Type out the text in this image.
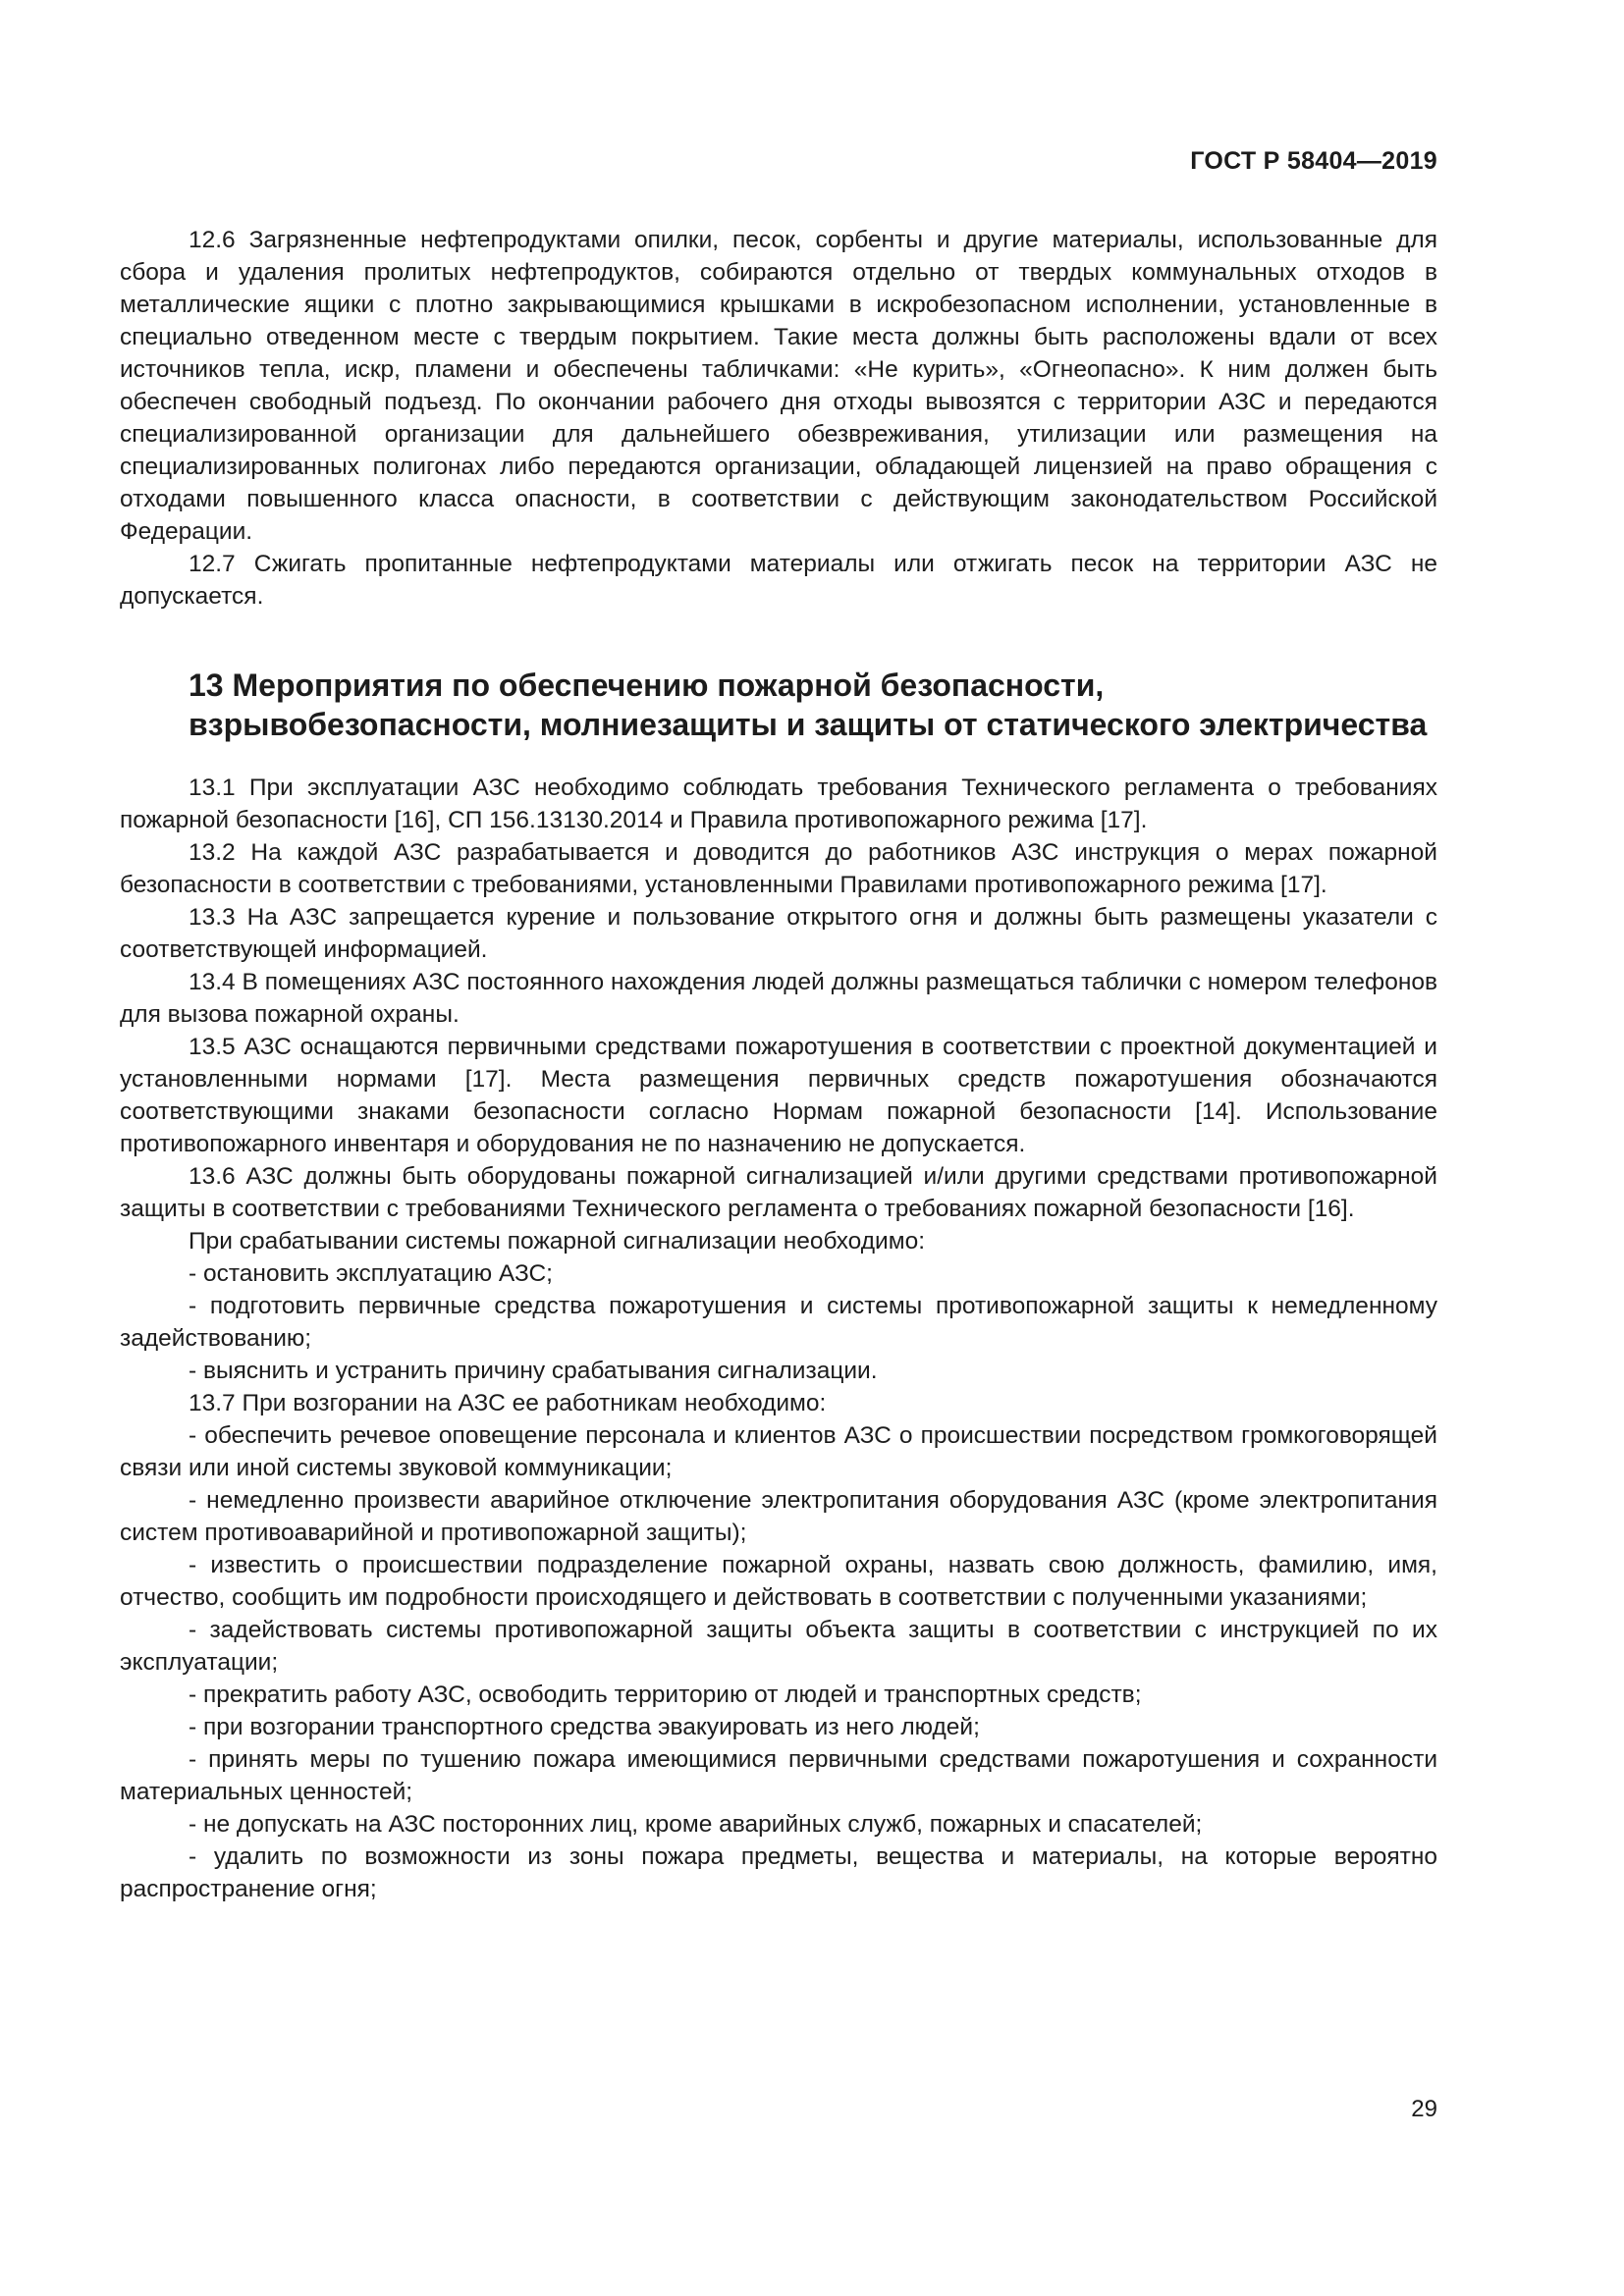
ГОСТ Р 58404—2019

12.6 Загрязненные нефтепродуктами опилки, песок, сорбенты и другие материалы, использованные для сбора и удаления пролитых нефтепродуктов, собираются отдельно от твердых коммунальных отходов в металлические ящики с плотно закрывающимися крышками в искробезопасном исполнении, установленные в специально отведенном месте с твердым покрытием. Такие места должны быть расположены вдали от всех источников тепла, искр, пламени и обеспечены табличками: «Не курить», «Огнеопасно». К ним должен быть обеспечен свободный подъезд. По окончании рабочего дня отходы вывозятся с территории АЗС и передаются специализированной организации для дальнейшего обезвреживания, утилизации или размещения на специализированных полигонах либо передаются организации, обладающей лицензией на право обращения с отходами повышенного класса опасности, в соответствии с действующим законодательством Российской Федерации.

12.7 Сжигать пропитанные нефтепродуктами материалы или отжигать песок на территории АЗС не допускается.

13 Мероприятия по обеспечению пожарной безопасности, взрывобезопасности, молниезащиты и защиты от статического электричества

13.1 При эксплуатации АЗС необходимо соблюдать требования Технического регламента о требованиях пожарной безопасности [16], СП 156.13130.2014 и Правила противопожарного режима [17].

13.2 На каждой АЗС разрабатывается и доводится до работников АЗС инструкция о мерах пожарной безопасности в соответствии с требованиями, установленными Правилами противопожарного режима [17].

13.3 На АЗС запрещается курение и пользование открытого огня и должны быть размещены указатели с соответствующей информацией.

13.4 В помещениях АЗС постоянного нахождения людей должны размещаться таблички с номером телефонов для вызова пожарной охраны.

13.5 АЗС оснащаются первичными средствами пожаротушения в соответствии с проектной документацией и установленными нормами [17]. Места размещения первичных средств пожаротушения обозначаются соответствующими знаками безопасности согласно Нормам пожарной безопасности [14]. Использование противопожарного инвентаря и оборудования не по назначению не допускается.

13.6 АЗС должны быть оборудованы пожарной сигнализацией и/или другими средствами противопожарной защиты в соответствии с требованиями Технического регламента о требованиях пожарной безопасности [16].

При срабатывании системы пожарной сигнализации необходимо:

- остановить эксплуатацию АЗС;

- подготовить первичные средства пожаротушения и системы противопожарной защиты к немедленному задействованию;

- выяснить и устранить причину срабатывания сигнализации.

13.7 При возгорании на АЗС ее работникам необходимо:

- обеспечить речевое оповещение персонала и клиентов АЗС о происшествии посредством громкоговорящей связи или иной системы звуковой коммуникации;

- немедленно произвести аварийное отключение электропитания оборудования АЗС (кроме электропитания систем противоаварийной и противопожарной защиты);

- известить о происшествии подразделение пожарной охраны, назвать свою должность, фамилию, имя, отчество, сообщить им подробности происходящего и действовать в соответствии с полученными указаниями;

- задействовать системы противопожарной защиты объекта защиты в соответствии с инструкцией по их эксплуатации;

- прекратить работу АЗС, освободить территорию от людей и транспортных средств;

- при возгорании транспортного средства эвакуировать из него людей;

- принять меры по тушению пожара имеющимися первичными средствами пожаротушения и сохранности материальных ценностей;

- не допускать на АЗС посторонних лиц, кроме аварийных служб, пожарных и спасателей;

- удалить по возможности из зоны пожара предметы, вещества и материалы, на которые вероятно распространение огня;

29
